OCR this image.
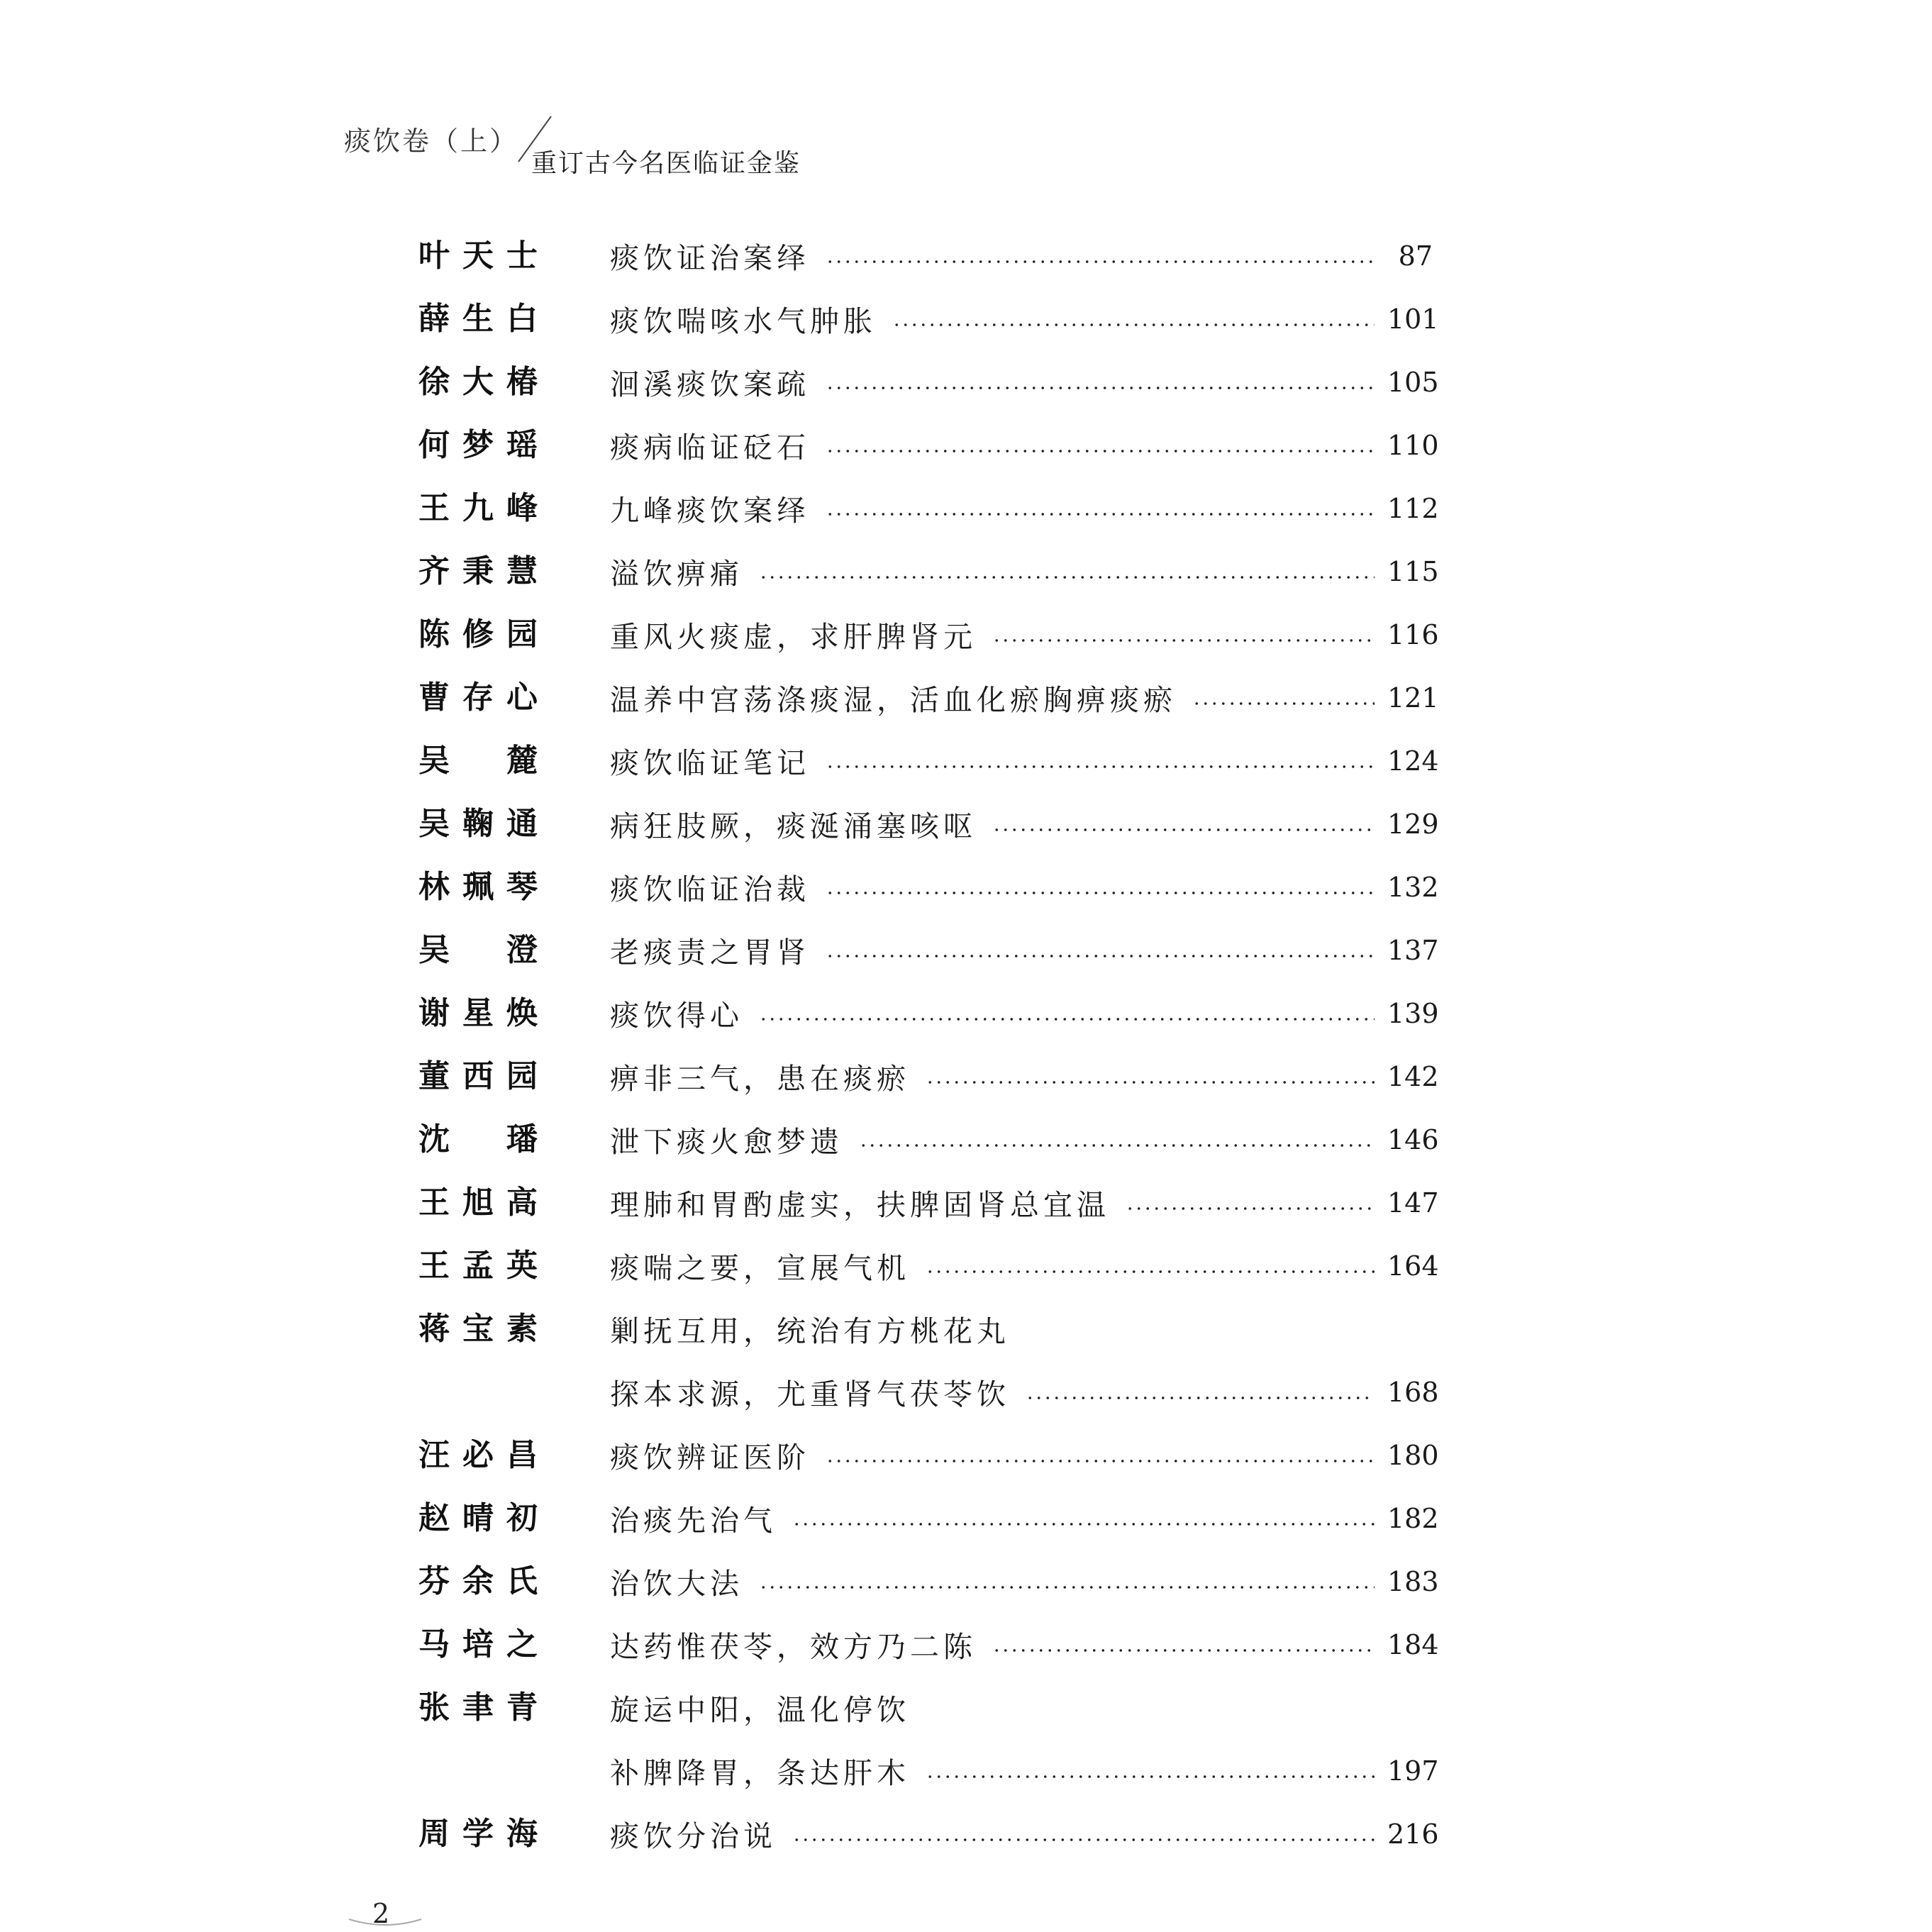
痰饮卷（上）
重订古今名医临证金鉴
叶天士 痰饮证治案绎	87
薛生白 痰饮喘咳水气肿胀	101
徐大椿 洄溪痰饮案疏	105
何梦瑶 痰病临证砭石	110
王九峰 九峰痰饮案绎	112
齐秉慧 溢饮痹痛	115
陈修园 重风火痰虚，求肝脾肾元	116
曹存心 温养中宫荡涤痰湿，活血化瘀胸痹痰瘀	121
吴　麓 痰饮临证笔记	124
吴鞠通 病狂肢厥，痰涎涌塞咳呕	129
林珮琴 痰饮临证治裁	132
吴　澄 老痰责之胃肾	137
谢星焕 痰饮得心	139
董西园 痹非三气，患在痰瘀	142
沈　璠 泄下痰火愈梦遗	146
王旭高 理肺和胃酌虚实，扶脾固肾总宜温	147
王孟英 痰喘之要，宣展气机	164
蒋宝素 剿抚互用，统治有方桃花丸
探本求源，尤重肾气茯苓饮	168
汪必昌 痰饮辨证医阶	180
赵晴初 治痰先治气	182
芬余氏 治饮大法	183
马培之 达药惟茯苓，效方乃二陈	184
张聿青 旋运中阳，温化停饮
补脾降胃，条达肝木	197
周学海 痰饮分治说	216
2
